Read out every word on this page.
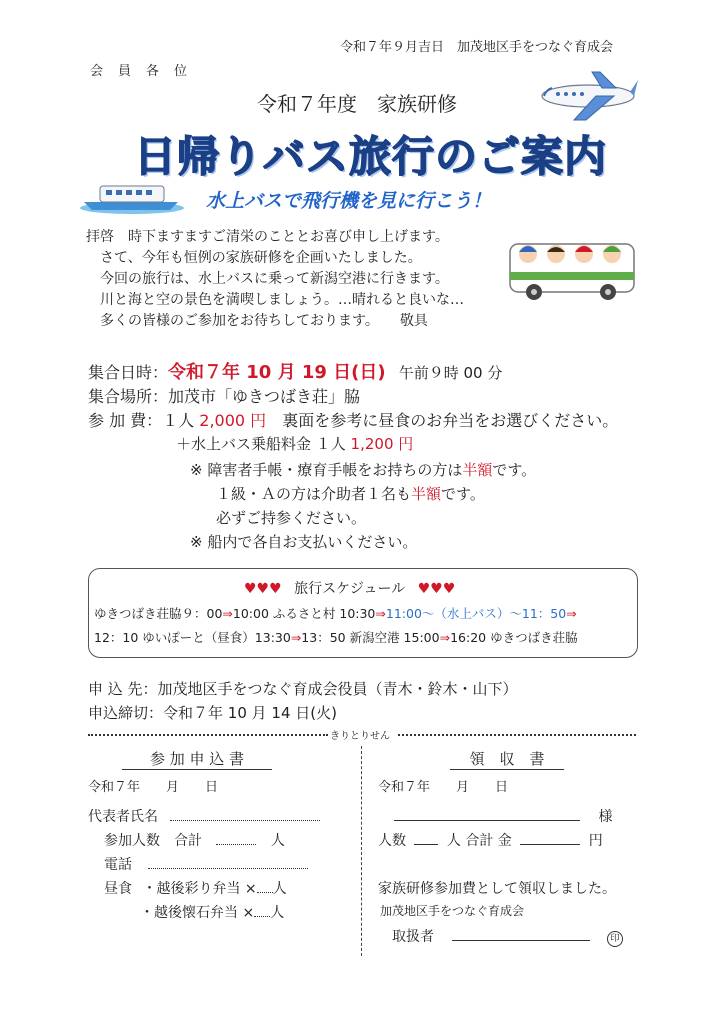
令和７年９月吉日　加茂地区手をつなぐ育成会
会　員　各　位
令和７年度　家族研修
日帰りバス旅行のご案内
水上バスで飛行機を見に行こう！
拝啓　時下ますますご清栄のこととお喜び申し上げます。
　さて、今年も恒例の家族研修を企画いたしました。
　今回の旅行は、水上バスに乗って新潟空港に行きます。
　川と海と空の景色を満喫しましょう。…晴れると良いな…
　多くの皆様のご参加をお待ちしております。　　敬具
集合日時：令和７年 10 月 19 日(日) 午前９時 00 分
集合場所：加茂市「ゆきつばき荘」脇
参 加 費：１人 2,000 円　裏面を参考に昼食のお弁当をお選びください。
＋水上バス乗船料金 １人 1,200 円
※ 障害者手帳・療育手帳をお持ちの方は半額です。
１級・Ａの方は介助者１名も半額です。
必ずご持参ください。
※ 船内で各自お支払いください。
♥♥♥ 旅行スケジュール ♥♥♥
ゆきつばき荘脇９：00⇒10:00 ふるさと村 10:30⇒11:00～（水上バス）～11：50⇒
12：10 ゆいぽーと（昼食）13:30⇒13：50 新潟空港 15:00⇒16:20 ゆきつばき荘脇
申 込 先：加茂地区手をつなぐ育成会役員（青木・鈴木・山下）
申込締切：令和７年 10 月 14 日(火)
きりとりせん
参 加 申 込 書
令和７年　　月　　日
代表者氏名
参加人数　合計	人
電話
昼食 ・越後彩り弁当 × 人
・越後懐石弁当 × 人
領　収　書
令和７年　　月　　日
様
人数	人 合計 金	円
家族研修参加費として領収しました。
加茂地区手をつなぐ育成会
取扱者	印
